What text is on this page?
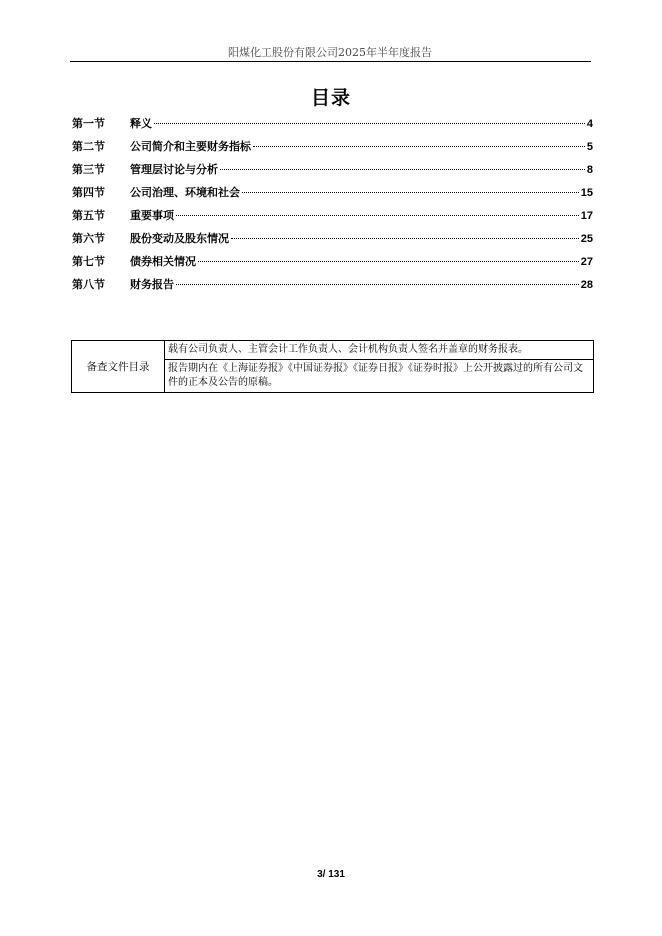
阳煤化工股份有限公司2025年半年度报告
目录
第一节	释义	4
第二节	公司简介和主要财务指标	5
第三节	管理层讨论与分析	8
第四节	公司治理、环境和社会	15
第五节	重要事项	17
第六节	股份变动及股东情况	25
第七节	债券相关情况	27
第八节	财务报告	28
备查文件目录	载有公司负责人、主管会计工作负责人、会计机构负责人签名并盖章的财务报表。
报告期内在《上海证券报》《中国证券报》《证券日报》《证券时报》上公开披露过的所有公司文件的正本及公告的原稿。
3/ 131
